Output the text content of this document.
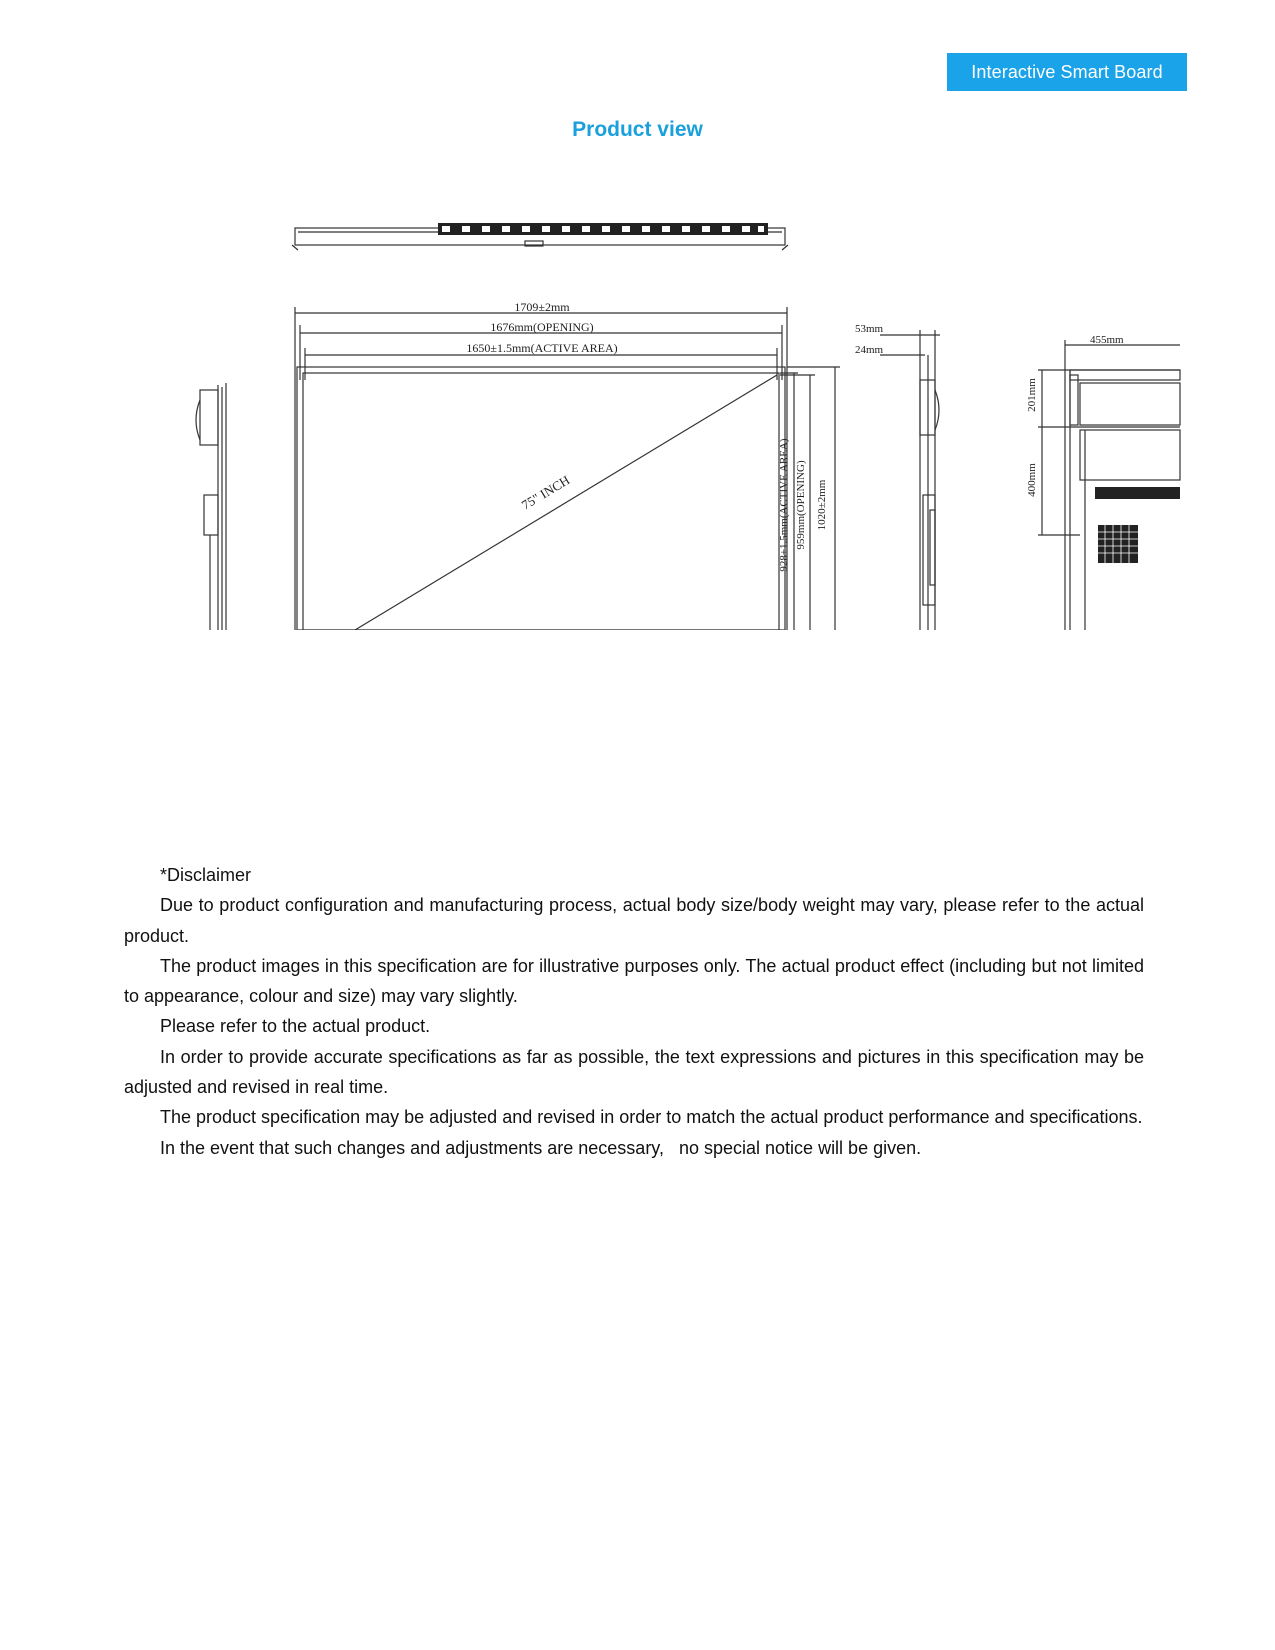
Interactive Smart Board
Product view
1709±2mm
1676mm(OPENING)
1650±1.5mm(ACTIVE AREA)
75" INCH	928±1.5mm(ACTIVE AREA) 959mm(OPENING) 1020±2mm
53mm
24mm
455mm
201mm
400mm

*Disclaimer

Due to product configuration and manufacturing process, actual body size/body weight may vary, please refer to the actual product.

The product images in this specification are for illustrative purposes only. The actual product effect (including but not limited to appearance, colour and size) may vary slightly.

Please refer to the actual product.

In order to provide accurate specifications as far as possible, the text expressions and pictures in this specification may be adjusted and revised in real time.

The product specification may be adjusted and revised in order to match the actual product performance and specifications.

In the event that such changes and adjustments are necessary,   no special notice will be given.
